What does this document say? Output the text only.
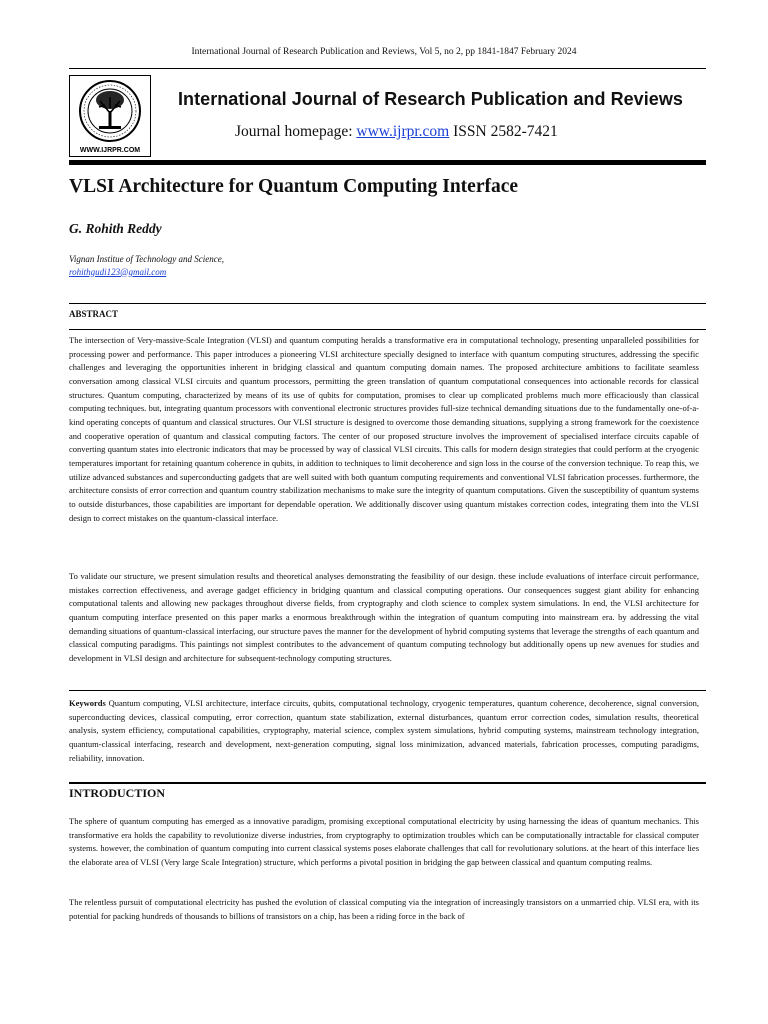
International Journal of Research Publication and Reviews, Vol 5, no 2, pp 1841-1847 February 2024
WWW.IJRPR.COM
International Journal of Research Publication and Reviews
Journal homepage: www.ijrpr.com ISSN 2582-7421
VLSI Architecture for Quantum Computing Interface
G. Rohith Reddy
Vignan Institue of Technology and Science,
rohithgudi123@gmail.com
ABSTRACT
The intersection of Very-massive-Scale Integration (VLSI) and quantum computing heralds a transformative era in computational technology, presenting unparalleled possibilities for processing power and performance. This paper introduces a pioneering VLSI architecture specially designed to interface with quantum computing structures, addressing the specific challenges and leveraging the opportunities inherent in bridging classical and quantum computing domain names. The proposed architecture ambitions to facilitate seamless conversation among classical VLSI circuits and quantum processors, permitting the green translation of quantum computational consequences into actionable records for classical structures. Quantum computing, characterized by means of its use of qubits for computation, promises to clear up complicated problems much more efficaciously than classical computing techniques. but, integrating quantum processors with conventional electronic structures provides full-size technical demanding situations due to the fundamentally one-of-a-kind operating concepts of quantum and classical structures. Our VLSI structure is designed to overcome those demanding situations, supplying a strong framework for the coexistence and cooperative operation of quantum and classical computing factors. The center of our proposed structure involves the improvement of specialised interface circuits capable of converting quantum states into electronic indicators that may be processed by way of classical VLSI circuits. This calls for modern design strategies that could perform at the cryogenic temperatures important for retaining quantum coherence in qubits, in addition to techniques to limit decoherence and sign loss in the course of the conversion technique. To reap this, we utilize advanced substances and superconducting gadgets that are well suited with both quantum computing requirements and conventional VLSI fabrication processes. furthermore, the architecture consists of error correction and quantum country stabilization mechanisms to make sure the integrity of quantum computations. Given the susceptibility of quantum systems to outside disturbances, those capabilities are important for dependable operation. We additionally discover using quantum mistakes correction codes, integrating them into the VLSI design to correct mistakes on the quantum-classical interface.
To validate our structure, we present simulation results and theoretical analyses demonstrating the feasibility of our design. these include evaluations of interface circuit performance, mistakes correction effectiveness, and average gadget efficiency in bridging quantum and classical computing operations. Our consequences suggest giant ability for enhancing computational talents and allowing new packages throughout diverse fields, from cryptography and cloth science to complex system simulations. In end, the VLSI architecture for quantum computing interface presented on this paper marks a enormous breakthrough within the integration of quantum computing into mainstream era. by addressing the vital demanding situations of quantum-classical interfacing, our structure paves the manner for the development of hybrid computing systems that leverage the strengths of each quantum and classical computing paradigms. This paintings not simplest contributes to the advancement of quantum computing technology but additionally opens up new avenues for studies and development in VLSI design and architecture for subsequent-technology computing structures.
Keywords Quantum computing, VLSI architecture, interface circuits, qubits, computational technology, cryogenic temperatures, quantum coherence, decoherence, signal conversion, superconducting devices, classical computing, error correction, quantum state stabilization, external disturbances, quantum error correction codes, simulation results, theoretical analysis, system efficiency, computational capabilities, cryptography, material science, complex system simulations, hybrid computing systems, mainstream technology integration, quantum-classical interfacing, research and development, next-generation computing, signal loss minimization, advanced materials, fabrication processes, computing paradigms, reliability, innovation.
INTRODUCTION
The sphere of quantum computing has emerged as a innovative paradigm, promising exceptional computational electricity by using harnessing the ideas of quantum mechanics. This transformative era holds the capability to revolutionize diverse industries, from cryptography to optimization troubles which can be computationally intractable for classical computer systems. however, the combination of quantum computing into current classical systems poses elaborate challenges that call for revolutionary solutions. at the heart of this interface lies the elaborate area of VLSI (Very large Scale Integration) structure, which performs a pivotal position in bridging the gap between classical and quantum computing realms.
The relentless pursuit of computational electricity has pushed the evolution of classical computing via the integration of increasingly transistors on a unmarried chip. VLSI era, with its potential for packing hundreds of thousands to billions of transistors on a chip, has been a riding force in the back of
